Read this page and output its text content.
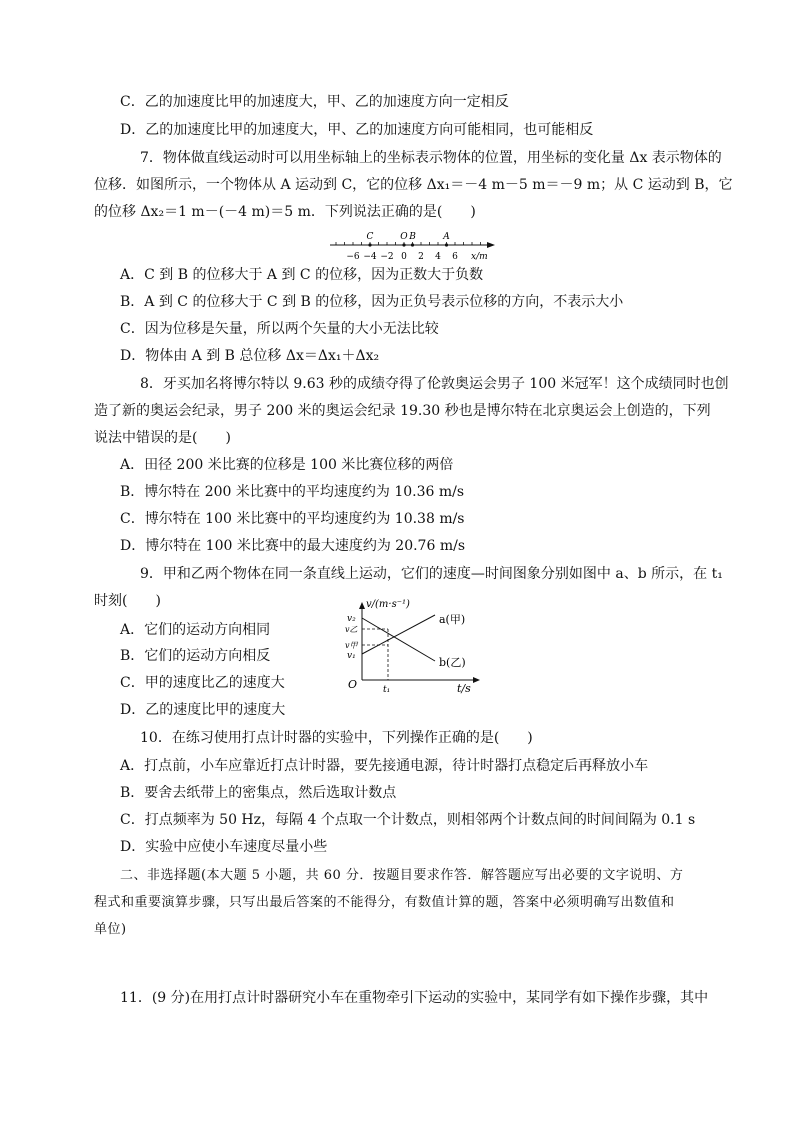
C．乙的加速度比甲的加速度大，甲、乙的加速度方向一定相反
D．乙的加速度比甲的加速度大，甲、乙的加速度方向可能相同，也可能相反
7．物体做直线运动时可以用坐标轴上的坐标表示物体的位置，用坐标的变化量 Δx 表示物体的
位移．如图所示，一个物体从 A 运动到 C，它的位移 Δx₁＝－4 m－5 m＝－9 m；从 C 运动到 B，它
的位移 Δx₂＝1 m－(－4 m)＝5 m．下列说法正确的是(　　)
−6 −4 −2 0 2 4 6
C	O B	A
x/m
A．C 到 B 的位移大于 A 到 C 的位移，因为正数大于负数
B．A 到 C 的位移大于 C 到 B 的位移，因为正负号表示位移的方向，不表示大小
C．因为位移是矢量，所以两个矢量的大小无法比较
D．物体由 A 到 B 总位移 Δx＝Δx₁＋Δx₂
8．牙买加名将博尔特以 9.63 秒的成绩夺得了伦敦奥运会男子 100 米冠军！这个成绩同时也创
造了新的奥运会纪录，男子 200 米的奥运会纪录 19.30 秒也是博尔特在北京奥运会上创造的，下列
说法中错误的是(　　)
A．田径 200 米比赛的位移是 100 米比赛位移的两倍
B．博尔特在 200 米比赛中的平均速度约为 10.36 m/s
C．博尔特在 100 米比赛中的平均速度约为 10.38 m/s
D．博尔特在 100 米比赛中的最大速度约为 20.76 m/s
9．甲和乙两个物体在同一条直线上运动，它们的速度—时间图象分别如图中 a、b 所示，在 t₁
时刻(　　)
A．它们的运动方向相同
B．它们的运动方向相反
C．甲的速度比乙的速度大
D．乙的速度比甲的速度大
v/(m·s⁻¹)
v₂
v乙
v甲
v₁
O	t₁	t/s
a(甲)
b(乙)
10．在练习使用打点计时器的实验中，下列操作正确的是(　　)
A．打点前，小车应靠近打点计时器，要先接通电源，待计时器打点稳定后再释放小车
B．要舍去纸带上的密集点，然后选取计数点
C．打点频率为 50 Hz，每隔 4 个点取一个计数点，则相邻两个计数点间的时间间隔为 0.1 s
D．实验中应使小车速度尽量小些
二、非选择题(本大题 5 小题，共 60 分．按题目要求作答．解答题应写出必要的文字说明、方
程式和重要演算步骤，只写出最后答案的不能得分，有数值计算的题，答案中必须明确写出数值和
单位)
11．(9 分)在用打点计时器研究小车在重物牵引下运动的实验中，某同学有如下操作步骤，其中
